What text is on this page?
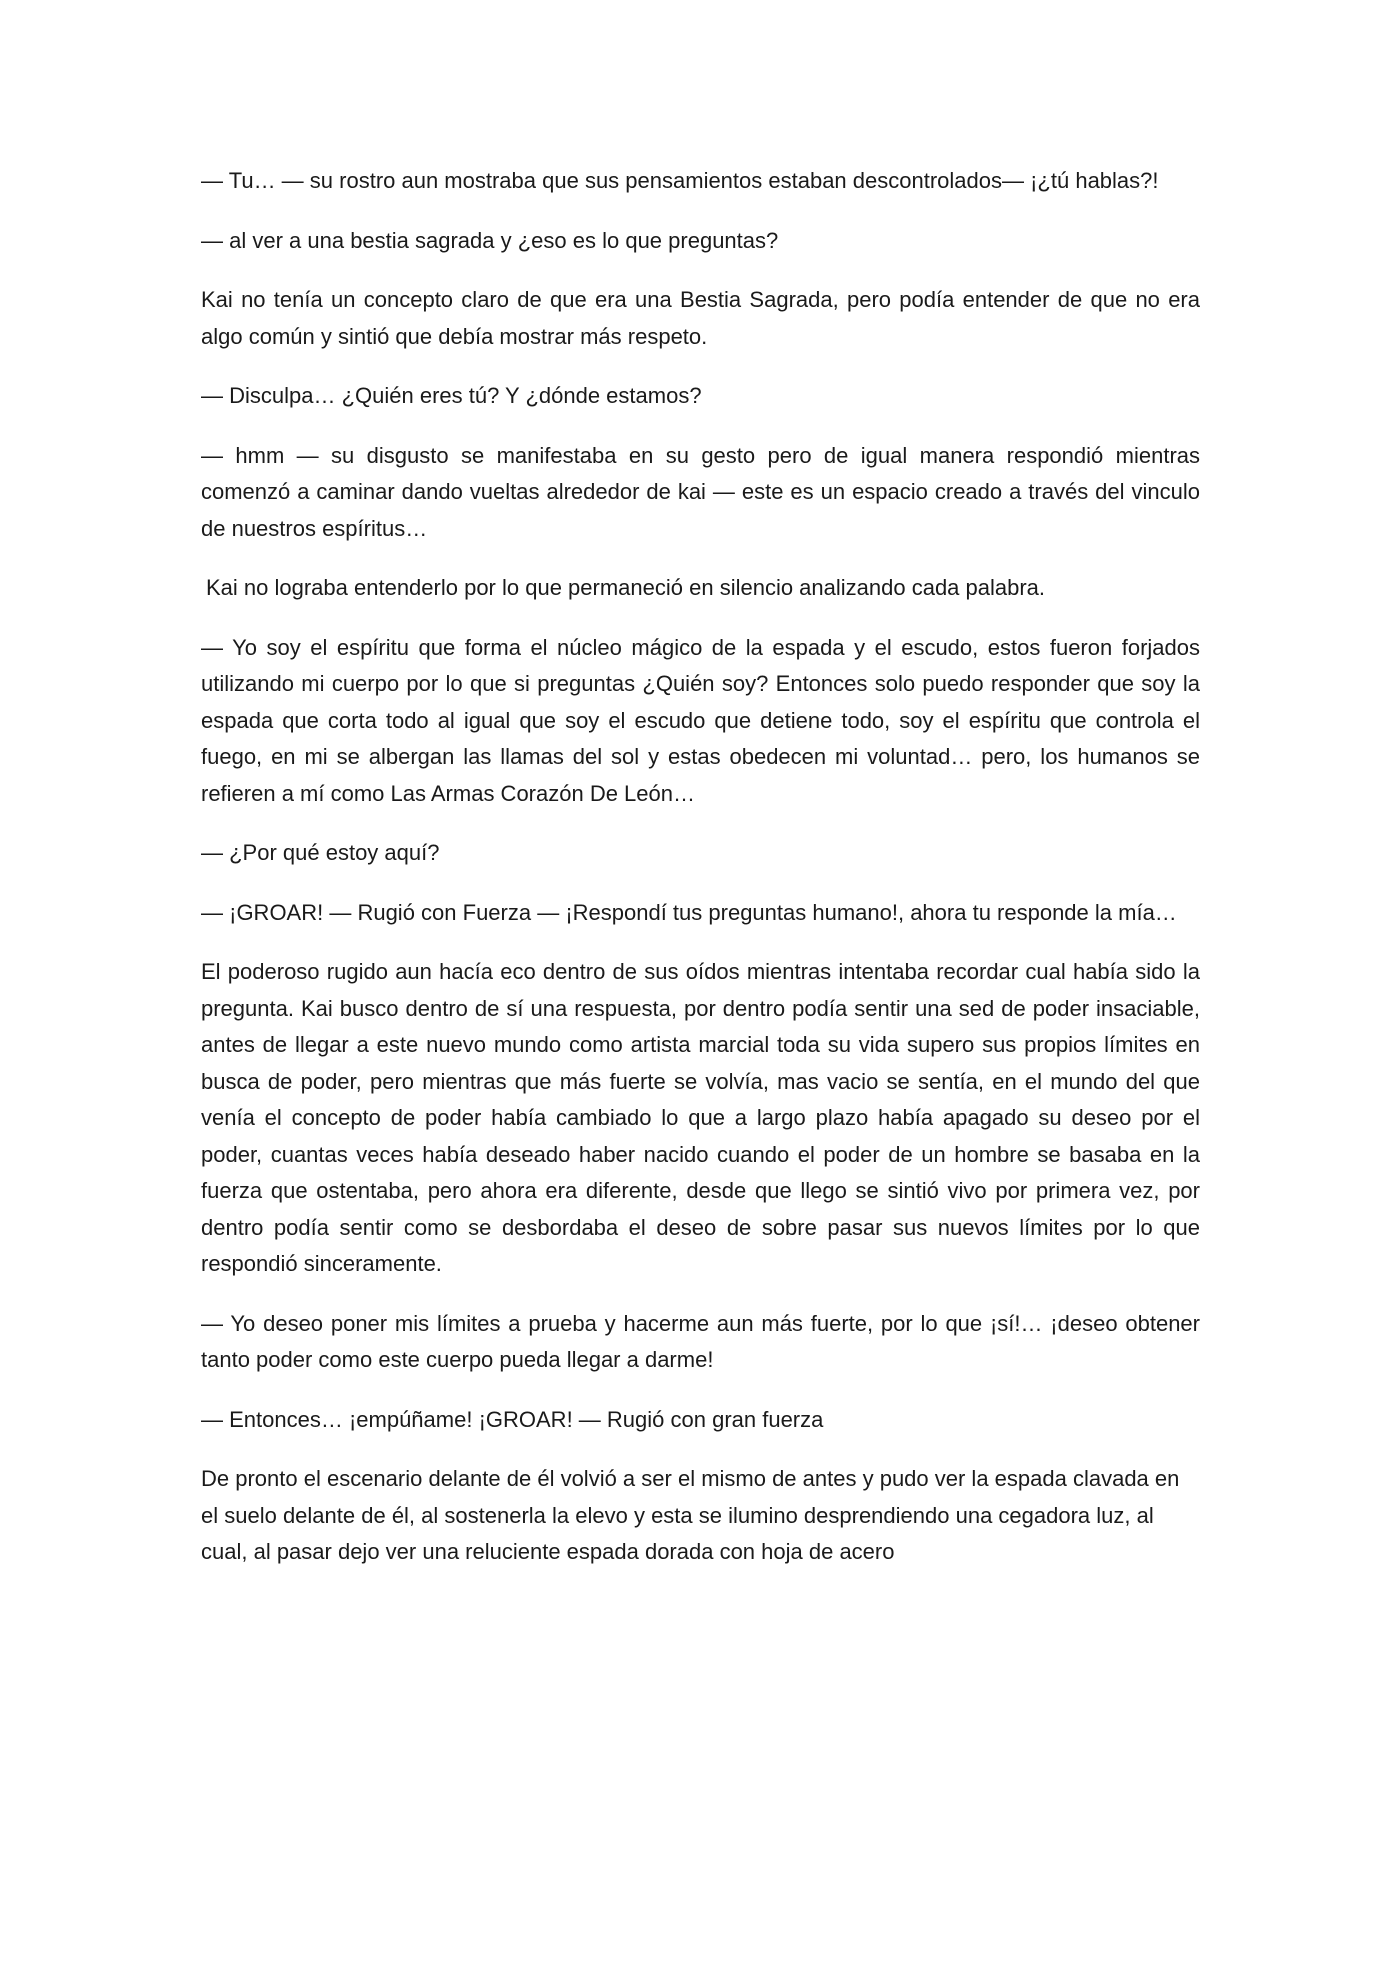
— Tu… — su rostro aun mostraba que sus pensamientos estaban descontrolados— ¡¿tú hablas?!

— al ver a una bestia sagrada y ¿eso es lo que preguntas?

Kai no tenía un concepto claro de que era una Bestia Sagrada, pero podía entender de que no era algo común y sintió que debía mostrar más respeto.

— Disculpa… ¿Quién eres tú? Y ¿dónde estamos?

— hmm — su disgusto se manifestaba en su gesto pero de igual manera respondió mientras comenzó a caminar dando vueltas alrededor de kai — este es un espacio creado a través del vinculo de nuestros espíritus…

Kai no lograba entenderlo por lo que permaneció en silencio analizando cada palabra.

— Yo soy el espíritu que forma el núcleo mágico de la espada y el escudo, estos fueron forjados utilizando mi cuerpo por lo que si preguntas ¿Quién soy? Entonces solo puedo responder que soy la espada que corta todo al igual que soy el escudo que detiene todo, soy el espíritu que controla el fuego, en mi se albergan las llamas del sol y estas obedecen mi voluntad… pero, los humanos se refieren a mí como Las Armas Corazón De León…

— ¿Por qué estoy aquí?

— ¡GROAR! — Rugió con Fuerza — ¡Respondí tus preguntas humano!, ahora tu responde la mía…

El poderoso rugido aun hacía eco dentro de sus oídos mientras intentaba recordar cual había sido la pregunta. Kai busco dentro de sí una respuesta, por dentro podía sentir una sed de poder insaciable, antes de llegar a este nuevo mundo como artista marcial toda su vida supero sus propios límites en busca de poder, pero mientras que más fuerte se volvía, mas vacio se sentía, en el mundo del que venía el concepto de poder había cambiado lo que a largo plazo había apagado su deseo por el poder, cuantas veces había deseado haber nacido cuando el poder de un hombre se basaba en la fuerza que ostentaba, pero ahora era diferente, desde que llego se sintió vivo por primera vez, por dentro podía sentir como se desbordaba el deseo de sobre pasar sus nuevos límites por lo que respondió sinceramente.

— Yo deseo poner mis límites a prueba y hacerme aun más fuerte, por lo que ¡sí!… ¡deseo obtener tanto poder como este cuerpo pueda llegar a darme!

— Entonces… ¡empúñame! ¡GROAR! — Rugió con gran fuerza

De pronto el escenario delante de él volvió a ser el mismo de antes y pudo ver la espada clavada en el suelo delante de él, al sostenerla la elevo y esta se ilumino desprendiendo una cegadora luz, al cual, al pasar dejo ver una reluciente espada dorada con hoja de acero
